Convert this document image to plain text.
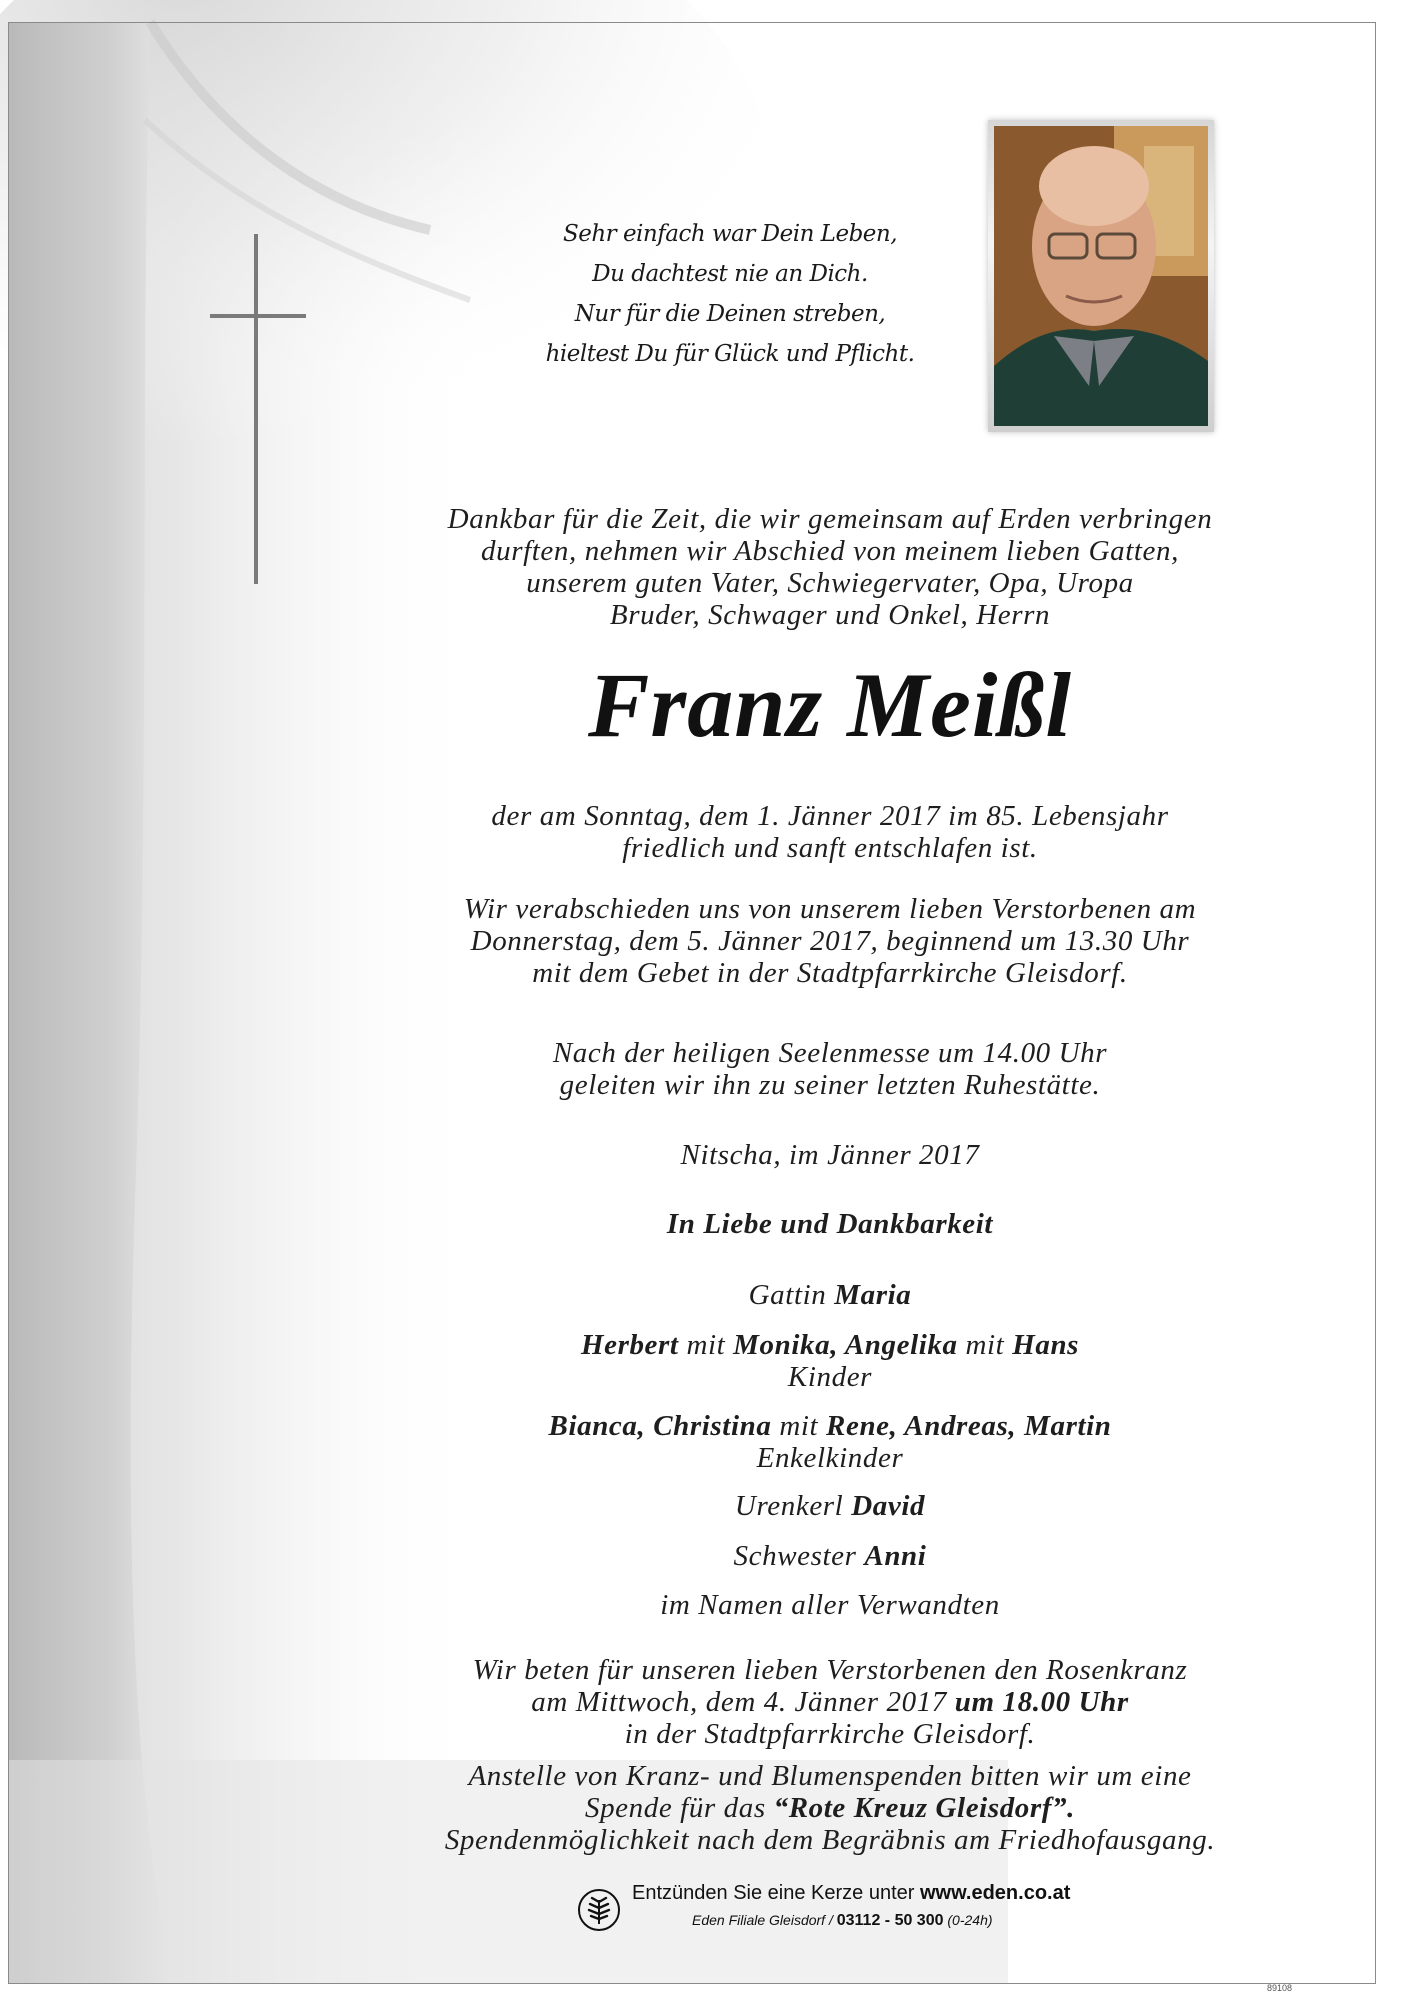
Sehr einfach war Dein Leben,
Du dachtest nie an Dich.
Nur für die Deinen streben,
hieltest Du für Glück und Pflicht.
Dankbar für die Zeit, die wir gemeinsam auf Erden verbringen
durften, nehmen wir Abschied von meinem lieben Gatten,
unserem guten Vater, Schwiegervater, Opa, Uropa
Bruder, Schwager und Onkel, Herrn
Franz Meißl
der am Sonntag, dem 1. Jänner 2017 im 85. Lebensjahr
friedlich und sanft entschlafen ist.
Wir verabschieden uns von unserem lieben Verstorbenen am
Donnerstag, dem 5. Jänner 2017, beginnend um 13.30 Uhr
mit dem Gebet in der Stadtpfarrkirche Gleisdorf.
Nach der heiligen Seelenmesse um 14.00 Uhr
geleiten wir ihn zu seiner letzten Ruhestätte.
Nitscha, im Jänner 2017
In Liebe und Dankbarkeit
Gattin Maria
Herbert mit Monika, Angelika mit Hans
Kinder
Bianca, Christina mit Rene, Andreas, Martin
Enkelkinder
Urenkerl David
Schwester Anni
im Namen aller Verwandten
Wir beten für unseren lieben Verstorbenen den Rosenkranz
am Mittwoch, dem 4. Jänner 2017 um 18.00 Uhr
in der Stadtpfarrkirche Gleisdorf.
Anstelle von Kranz- und Blumenspenden bitten wir um eine
Spende für das “Rote Kreuz Gleisdorf”.
Spendenmöglichkeit nach dem Begräbnis am Friedhofausgang.
Entzünden Sie eine Kerze unter www.eden.co.at
Eden Filiale Gleisdorf / 03112 - 50 300 (0-24h)
89108
